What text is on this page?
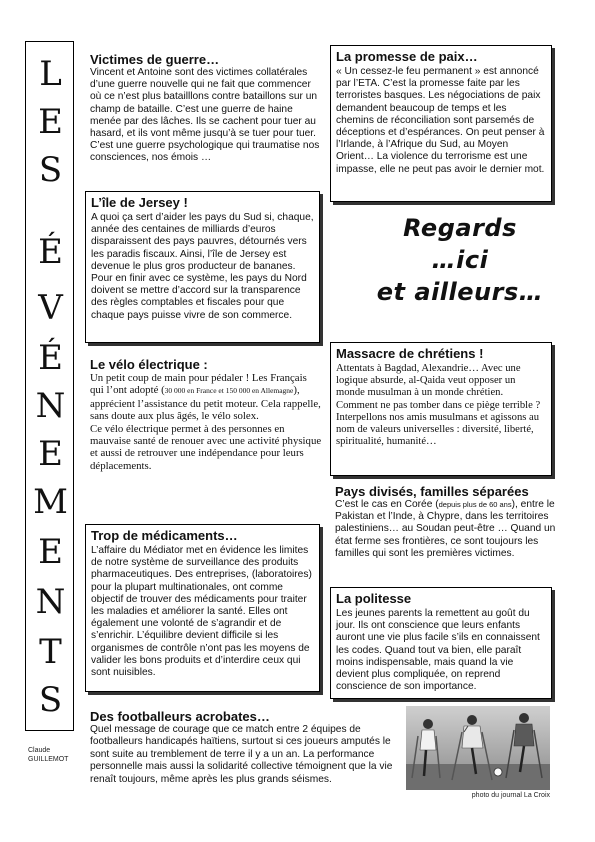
L
E
S
É
V
É
N
E
M
E
N
T
S
Claude
GUILLEMOT
Victimes de guerre…
Vincent et Antoine sont des victimes collatérales d’une guerre nouvelle qui ne fait que commencer où ce n’est plus batailllons contre bataillons sur un champ de bataille. C’est une guerre de haine menée par des lâches. Ils se cachent pour tuer au hasard, et ils vont même jusqu’à se tuer pour tuer. C’est une guerre psychologique qui traumatise nos consciences, nos émois …
L’île de Jersey !
A quoi ça sert d’aider les pays du Sud si, chaque, année des centaines de milliards d’euros disparaissent des pays pauvres, détournés vers les paradis fiscaux. Ainsi, l’île de Jersey est devenue le plus gros producteur de bananes. Pour en finir avec ce système, les pays du Nord doivent se mettre d’accord sur la transparence des règles comptables et fiscales pour que chaque pays puisse vivre de son commerce.
Le vélo électrique :
Un petit coup de main pour pédaler ! Les Français qui l’ont adopté (30 000 en France et 150 000 en Allemagne), apprécient l’assistance du petit moteur. Cela rappelle, sans doute aux plus âgés, le vélo solex.
Ce vélo électrique permet à des personnes en mauvaise santé de renouer avec une activité physique et aussi de retrouver une indépendance pour leurs déplacements.
Trop de médicaments…
L’affaire du Médiator met en évidence les limites de notre système de surveillance des produits pharmaceutiques. Des entreprises, (laboratoires) pour la plupart multinationales, ont comme objectif de trouver des médicaments pour traiter les maladies et améliorer la santé. Elles ont également une volonté de s’agrandir et de s’enrichir. L’équilibre devient difficile si les organismes de contrôle n’ont pas les moyens de valider les bons produits et d’interdire ceux qui sont nuisibles.
Des footballeurs acrobates…
Quel message de courage que ce match entre 2 équipes de footballeurs handicapés haïtiens, surtout si ces joueurs amputés le sont suite au tremblement de terre il y a un an. La performance personnelle mais aussi la solidarité collective témoignent que la vie renaît toujours, même après les plus grands séismes.
La promesse de paix…
« Un cessez-le feu permanent » est annoncé par l’ETA. C’est la promesse faite par les terroristes basques. Les négociations de paix demandent beaucoup de temps et les chemins de réconciliation sont parsemés de déceptions et d’espérances. On peut penser à l’Irlande, à l’Afrique du Sud, au Moyen Orient… La violence du terrorisme est une impasse, elle ne peut pas avoir le dernier mot.
Regards
…ici
et ailleurs…
Massacre de chrétiens !
Attentats à Bagdad, Alexandrie… Avec une logique absurde, al-Qaida veut opposer un monde musulman à un monde chrétien. Comment ne pas tomber dans ce piège terrible ? Interpellons nos amis musulmans et agissons au nom de valeurs universelles : diversité, liberté, spiritualité, humanité…
Pays divisés, familles séparées
C’est le cas en Corée (depuis plus de 60 ans), entre le Pakistan et l’Inde, à Chypre, dans les territoires palestiniens… au Soudan peut-être … Quand un état ferme ses frontières, ce sont toujours les familles qui sont les premières victimes.
La politesse
Les jeunes parents la remettent au goût du jour. Ils ont conscience que leurs enfants auront une vie plus facile s’ils en connaissent les codes. Quand tout va bien, elle paraît moins indispensable, mais quand la vie devient plus compliquée, on reprend conscience de son importance.
photo du journal La Croix
